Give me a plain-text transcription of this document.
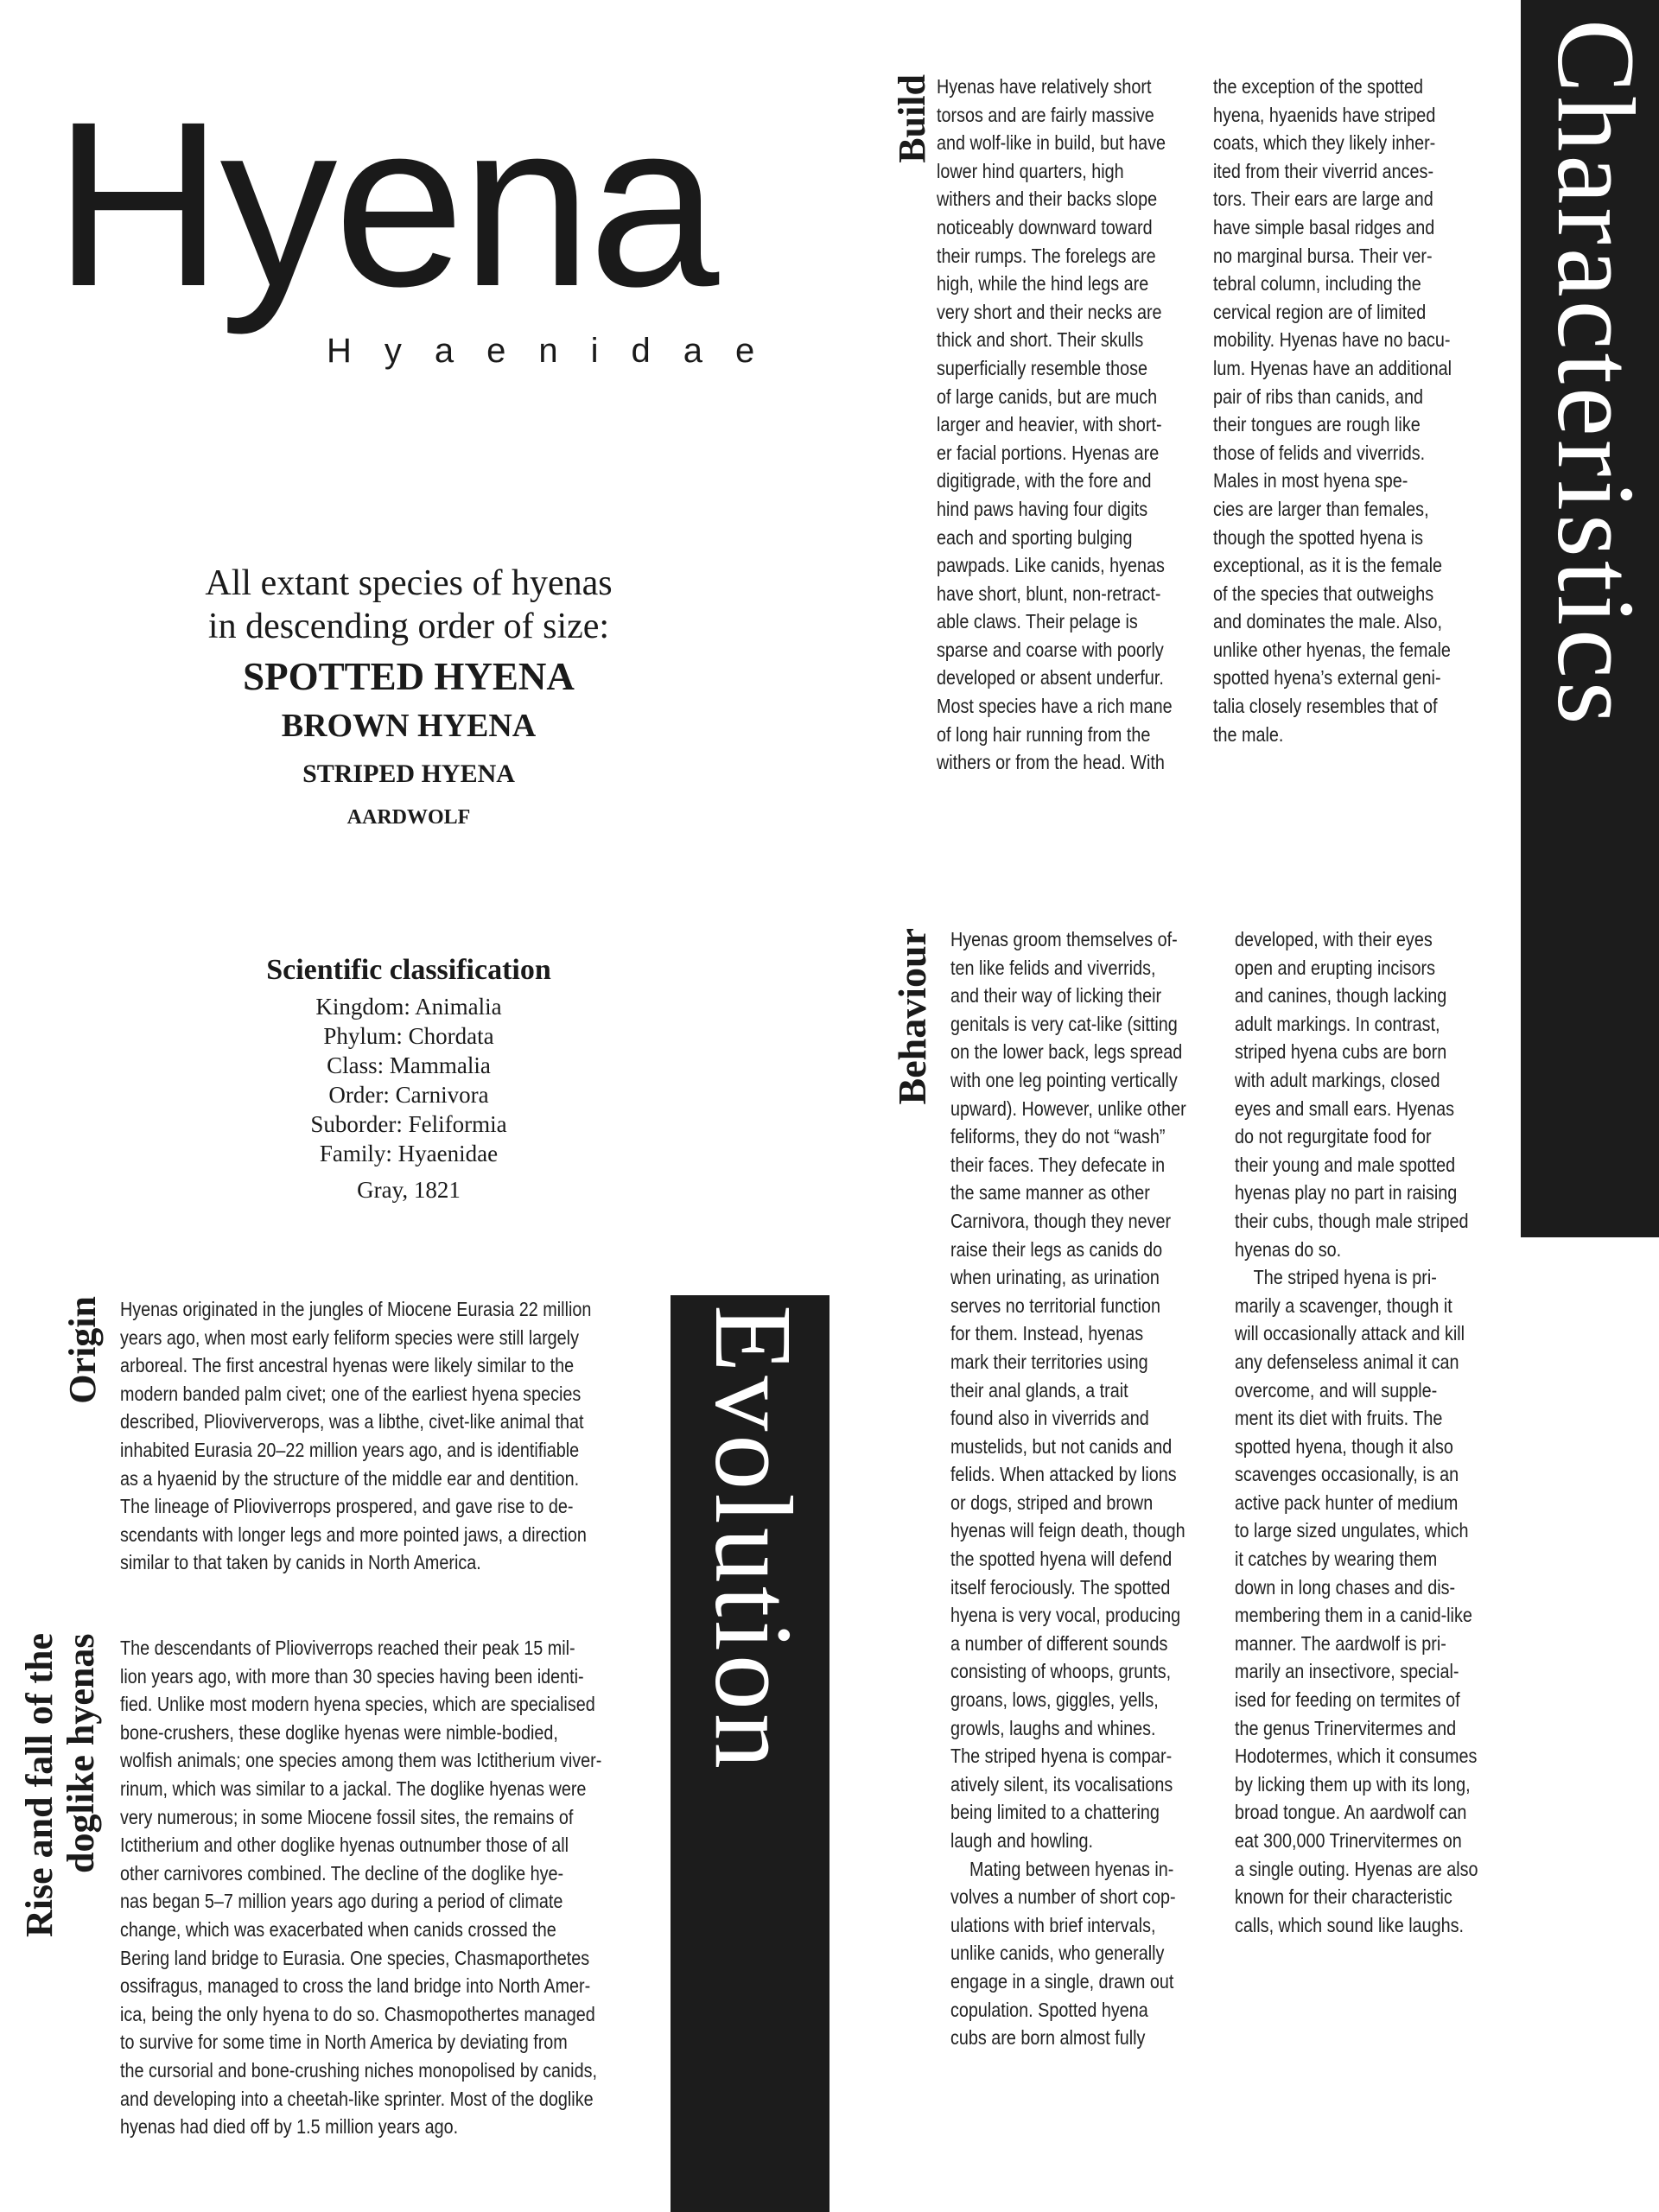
Hyena
Hyaenidae
All extant species of hyenas
in descending order of size:
SPOTTED HYENA
BROWN HYENA
STRIPED HYENA
AARDWOLF
Scientific classification
Kingdom: Animalia
Phylum: Chordata
Class: Mammalia
Order: Carnivora
Suborder: Feliformia
Family: Hyaenidae
Gray, 1821
Characteristics
Build Hyenas have relatively short
torsos and are fairly massive
and wolf-like in build, but have
lower hind quarters, high
withers and their backs slope
noticeably downward toward
their rumps. The forelegs are
high, while the hind legs are
very short and their necks are
thick and short. Their skulls
superficially resemble those
of large canids, but are much
larger and heavier, with short-
er facial portions. Hyenas are
digitigrade, with the fore and
hind paws having four digits
each and sporting bulging
pawpads. Like canids, hyenas
have short, blunt, non-retract-
able claws. Their pelage is
sparse and coarse with poorly
developed or absent underfur.
Most species have a rich mane
of long hair running from the
withers or from the head. With
the exception of the spotted
hyena, hyaenids have striped
coats, which they likely inher-
ited from their viverrid ances-
tors. Their ears are large and
have simple basal ridges and
no marginal bursa. Their ver-
tebral column, including the
cervical region are of limited
mobility. Hyenas have no bacu-
lum. Hyenas have an additional
pair of ribs than canids, and
their tongues are rough like
those of felids and viverrids.
Males in most hyena spe-
cies are larger than females,
though the spotted hyena is
exceptional, as it is the female
of the species that outweighs
and dominates the male. Also,
unlike other hyenas, the female
spotted hyena’s external geni-
talia closely resembles that of
the male.
Behaviour Hyenas groom themselves of-
ten like felids and viverrids,
and their way of licking their
genitals is very cat-like (sitting
on the lower back, legs spread
with one leg pointing vertically
upward). However, unlike other
feliforms, they do not “wash”
their faces. They defecate in
the same manner as other
Carnivora, though they never
raise their legs as canids do
when urinating, as urination
serves no territorial function
for them. Instead, hyenas
mark their territories using
their anal glands, a trait
found also in viverrids and
mustelids, but not canids and
felids. When attacked by lions
or dogs, striped and brown
hyenas will feign death, though
the spotted hyena will defend
itself ferociously. The spotted
hyena is very vocal, producing
a number of different sounds
consisting of whoops, grunts,
groans, lows, giggles, yells,
growls, laughs and whines.
The striped hyena is compar-
atively silent, its vocalisations
being limited to a chattering
laugh and howling.
Mating between hyenas in-
volves a number of short cop-
ulations with brief intervals,
unlike canids, who generally
engage in a single, drawn out
copulation. Spotted hyena
cubs are born almost fully
developed, with their eyes
open and erupting incisors
and canines, though lacking
adult markings. In contrast,
striped hyena cubs are born
with adult markings, closed
eyes and small ears. Hyenas
do not regurgitate food for
their young and male spotted
hyenas play no part in raising
their cubs, though male striped
hyenas do so.
The striped hyena is pri-
marily a scavenger, though it
will occasionally attack and kill
any defenseless animal it can
overcome, and will supple-
ment its diet with fruits. The
spotted hyena, though it also
scavenges occasionally, is an
active pack hunter of medium
to large sized ungulates, which
it catches by wearing them
down in long chases and dis-
membering them in a canid-like
manner. The aardwolf is pri-
marily an insectivore, special-
ised for feeding on termites of
the genus Trinervitermes and
Hodotermes, which it consumes
by licking them up with its long,
broad tongue. An aardwolf can
eat 300,000 Trinervitermes on
a single outing. Hyenas are also
known for their characteristic
calls, which sound like laughs.
Evolution
Origin Hyenas originated in the jungles of Miocene Eurasia 22 million
years ago, when most early feliform species were still largely
arboreal. The first ancestral hyenas were likely similar to the
modern banded palm civet; one of the earliest hyena species
described, Plioviververops, was a libthe, civet-like animal that
inhabited Eurasia 20–22 million years ago, and is identifiable
as a hyaenid by the structure of the middle ear and dentition.
The lineage of Plioviverrops prospered, and gave rise to de-
scendants with longer legs and more pointed jaws, a direction
similar to that taken by canids in North America.
Rise and fall of the
doglike hyenas The descendants of Plioviverrops reached their peak 15 mil-
lion years ago, with more than 30 species having been identi-
fied. Unlike most modern hyena species, which are specialised
bone-crushers, these doglike hyenas were nimble-bodied,
wolfish animals; one species among them was Ictitherium viver-
rinum, which was similar to a jackal. The doglike hyenas were
very numerous; in some Miocene fossil sites, the remains of
Ictitherium and other doglike hyenas outnumber those of all
other carnivores combined. The decline of the doglike hye-
nas began 5–7 million years ago during a period of climate
change, which was exacerbated when canids crossed the
Bering land bridge to Eurasia. One species, Chasmaporthetes
ossifragus, managed to cross the land bridge into North Amer-
ica, being the only hyena to do so. Chasmopothertes managed
to survive for some time in North America by deviating from
the cursorial and bone-crushing niches monopolised by canids,
and developing into a cheetah-like sprinter. Most of the doglike
hyenas had died off by 1.5 million years ago.
